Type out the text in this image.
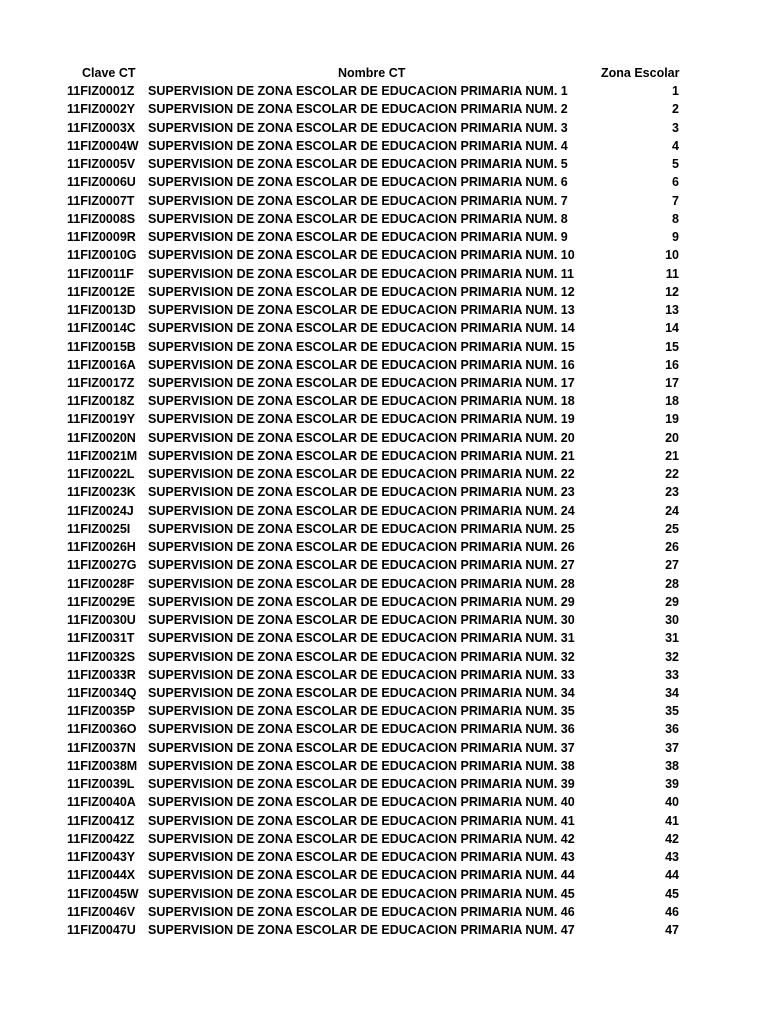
Clave CT	Nombre CT	Zona Escolar
11FIZ0001Z SUPERVISION DE ZONA ESCOLAR DE EDUCACION PRIMARIA NUM. 1	1
11FIZ0002Y SUPERVISION DE ZONA ESCOLAR DE EDUCACION PRIMARIA NUM. 2	2
11FIZ0003X SUPERVISION DE ZONA ESCOLAR DE EDUCACION PRIMARIA NUM. 3	3
11FIZ0004W SUPERVISION DE ZONA ESCOLAR DE EDUCACION PRIMARIA NUM. 4	4
11FIZ0005V SUPERVISION DE ZONA ESCOLAR DE EDUCACION PRIMARIA NUM. 5	5
11FIZ0006U SUPERVISION DE ZONA ESCOLAR DE EDUCACION PRIMARIA NUM. 6	6
11FIZ0007T SUPERVISION DE ZONA ESCOLAR DE EDUCACION PRIMARIA NUM. 7	7
11FIZ0008S SUPERVISION DE ZONA ESCOLAR DE EDUCACION PRIMARIA NUM. 8	8
11FIZ0009R SUPERVISION DE ZONA ESCOLAR DE EDUCACION PRIMARIA NUM. 9	9
11FIZ0010G SUPERVISION DE ZONA ESCOLAR DE EDUCACION PRIMARIA NUM. 10	10
11FIZ0011F SUPERVISION DE ZONA ESCOLAR DE EDUCACION PRIMARIA NUM. 11	11
11FIZ0012E SUPERVISION DE ZONA ESCOLAR DE EDUCACION PRIMARIA NUM. 12	12
11FIZ0013D SUPERVISION DE ZONA ESCOLAR DE EDUCACION PRIMARIA NUM. 13	13
11FIZ0014C SUPERVISION DE ZONA ESCOLAR DE EDUCACION PRIMARIA NUM. 14	14
11FIZ0015B SUPERVISION DE ZONA ESCOLAR DE EDUCACION PRIMARIA NUM. 15	15
11FIZ0016A SUPERVISION DE ZONA ESCOLAR DE EDUCACION PRIMARIA NUM. 16	16
11FIZ0017Z SUPERVISION DE ZONA ESCOLAR DE EDUCACION PRIMARIA NUM. 17	17
11FIZ0018Z SUPERVISION DE ZONA ESCOLAR DE EDUCACION PRIMARIA NUM. 18	18
11FIZ0019Y SUPERVISION DE ZONA ESCOLAR DE EDUCACION PRIMARIA NUM. 19	19
11FIZ0020N SUPERVISION DE ZONA ESCOLAR DE EDUCACION PRIMARIA NUM. 20	20
11FIZ0021M SUPERVISION DE ZONA ESCOLAR DE EDUCACION PRIMARIA NUM. 21	21
11FIZ0022L SUPERVISION DE ZONA ESCOLAR DE EDUCACION PRIMARIA NUM. 22	22
11FIZ0023K SUPERVISION DE ZONA ESCOLAR DE EDUCACION PRIMARIA NUM. 23	23
11FIZ0024J SUPERVISION DE ZONA ESCOLAR DE EDUCACION PRIMARIA NUM. 24	24
11FIZ0025I SUPERVISION DE ZONA ESCOLAR DE EDUCACION PRIMARIA NUM. 25	25
11FIZ0026H SUPERVISION DE ZONA ESCOLAR DE EDUCACION PRIMARIA NUM. 26	26
11FIZ0027G SUPERVISION DE ZONA ESCOLAR DE EDUCACION PRIMARIA NUM. 27	27
11FIZ0028F SUPERVISION DE ZONA ESCOLAR DE EDUCACION PRIMARIA NUM. 28	28
11FIZ0029E SUPERVISION DE ZONA ESCOLAR DE EDUCACION PRIMARIA NUM. 29	29
11FIZ0030U SUPERVISION DE ZONA ESCOLAR DE EDUCACION PRIMARIA NUM. 30	30
11FIZ0031T SUPERVISION DE ZONA ESCOLAR DE EDUCACION PRIMARIA NUM. 31	31
11FIZ0032S SUPERVISION DE ZONA ESCOLAR DE EDUCACION PRIMARIA NUM. 32	32
11FIZ0033R SUPERVISION DE ZONA ESCOLAR DE EDUCACION PRIMARIA NUM. 33	33
11FIZ0034Q SUPERVISION DE ZONA ESCOLAR DE EDUCACION PRIMARIA NUM. 34	34
11FIZ0035P SUPERVISION DE ZONA ESCOLAR DE EDUCACION PRIMARIA NUM. 35	35
11FIZ0036O SUPERVISION DE ZONA ESCOLAR DE EDUCACION PRIMARIA NUM. 36	36
11FIZ0037N SUPERVISION DE ZONA ESCOLAR DE EDUCACION PRIMARIA NUM. 37	37
11FIZ0038M SUPERVISION DE ZONA ESCOLAR DE EDUCACION PRIMARIA NUM. 38	38
11FIZ0039L SUPERVISION DE ZONA ESCOLAR DE EDUCACION PRIMARIA NUM. 39	39
11FIZ0040A SUPERVISION DE ZONA ESCOLAR DE EDUCACION PRIMARIA NUM. 40	40
11FIZ0041Z SUPERVISION DE ZONA ESCOLAR DE EDUCACION PRIMARIA NUM. 41	41
11FIZ0042Z SUPERVISION DE ZONA ESCOLAR DE EDUCACION PRIMARIA NUM. 42	42
11FIZ0043Y SUPERVISION DE ZONA ESCOLAR DE EDUCACION PRIMARIA NUM. 43	43
11FIZ0044X SUPERVISION DE ZONA ESCOLAR DE EDUCACION PRIMARIA NUM. 44	44
11FIZ0045W SUPERVISION DE ZONA ESCOLAR DE EDUCACION PRIMARIA NUM. 45	45
11FIZ0046V SUPERVISION DE ZONA ESCOLAR DE EDUCACION PRIMARIA NUM. 46	46
11FIZ0047U SUPERVISION DE ZONA ESCOLAR DE EDUCACION PRIMARIA NUM. 47	47
